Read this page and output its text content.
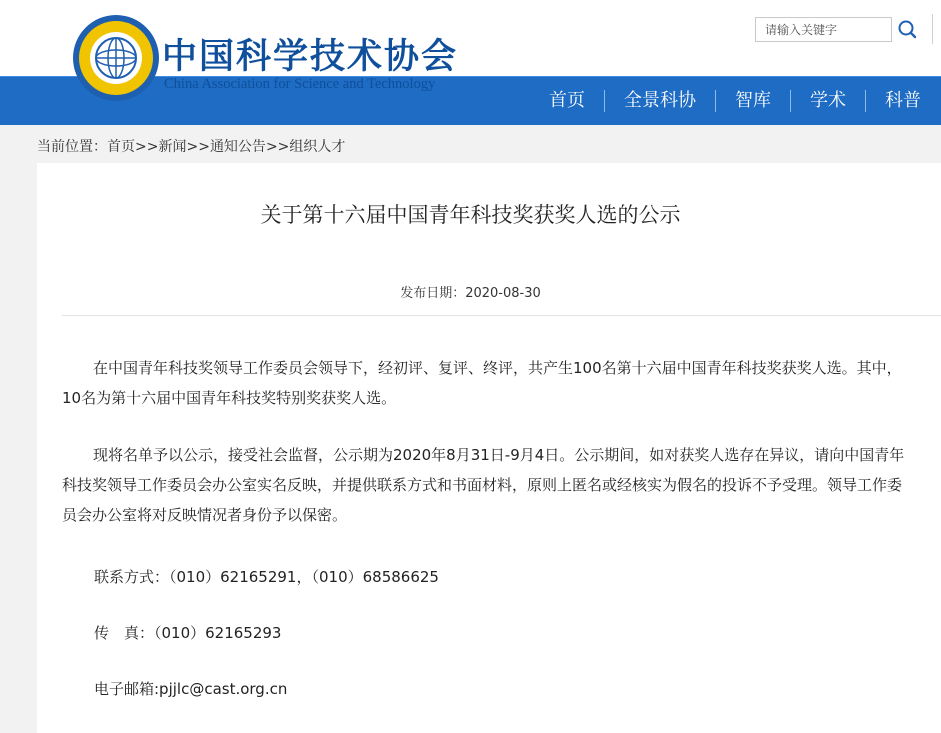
中国科学技术协会
China Association for Science and Technology
请输入关键字
首页	全景科协	智库	学术	科普
当前位置：首页>>新闻>>通知公告>>组织人才
关于第十六届中国青年科技奖获奖人选的公示
发布日期：2020-08-30

在中国青年科技奖领导工作委员会领导下，经初评、复评、终评，共产生100名第十六届中国青年科技奖获奖人选。其中，10名为第十六届中国青年科技奖特别奖获奖人选。

现将名单予以公示，接受社会监督，公示期为2020年8月31日-9月4日。公示期间，如对获奖人选存在异议，请向中国青年科技奖领导工作委员会办公室实名反映，并提供联系方式和书面材料，原则上匿名或经核实为假名的投诉不予受理。领导工作委员会办公室将对反映情况者身份予以保密。

联系方式：（010）62165291，（010）68586625
传　真：（010）62165293
电子邮箱:pjjlc@cast.org.cn
